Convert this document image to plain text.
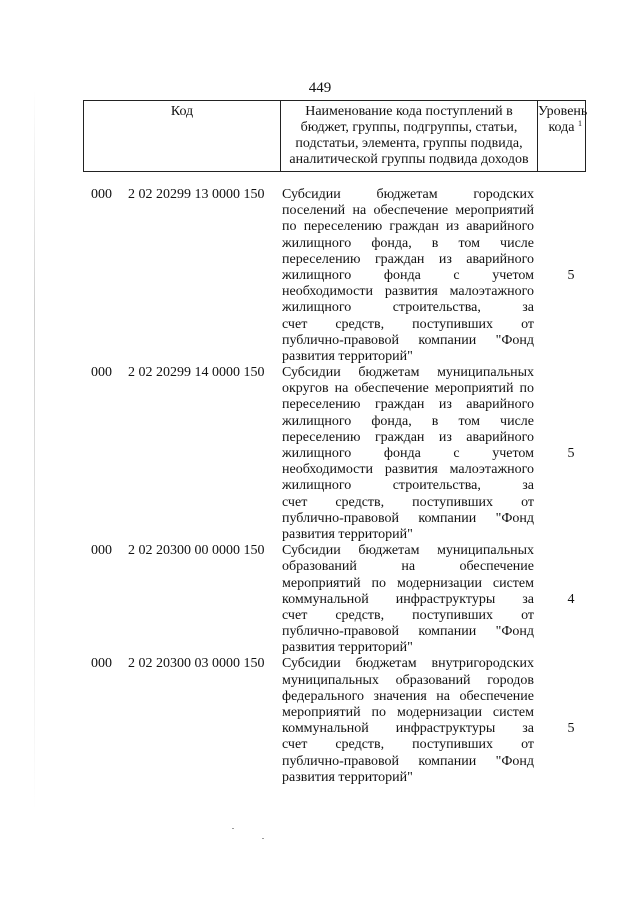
449
Код	Наименование кода поступлений в
бюджет, группы, подгруппы, статьи,
подстатьи, элемента, группы подвида,
аналитической группы подвида доходов
Уровень
кода $^1$
000 2 02 20299 13 0000 150 Субсидии бюджетам городских
поселений на обеспечение мероприятий
по переселению граждан из аварийного
жилищного фонда, в том числе
переселению граждан из аварийного
жилищного фонда с учетом
необходимости развития малоэтажного
жилищного строительства, за
счет средств, поступивших от
публично-правовой компании "Фонд
развития территорий"
5
000 2 02 20299 14 0000 150 Субсидии бюджетам муниципальных
округов на обеспечение мероприятий по
переселению граждан из аварийного
жилищного фонда, в том числе
переселению граждан из аварийного
жилищного фонда с учетом
необходимости развития малоэтажного
жилищного строительства, за
счет средств, поступивших от
публично-правовой компании "Фонд
развития территорий"
5
000 2 02 20300 00 0000 150 Субсидии бюджетам муниципальных
образований на обеспечение
мероприятий по модернизации систем
коммунальной инфраструктуры за
счет средств, поступивших от
публично-правовой компании "Фонд
развития территорий"
4
000 2 02 20300 03 0000 150 Субсидии бюджетам внутригородских
муниципальных образований городов
федерального значения на обеспечение
мероприятий по модернизации систем
коммунальной инфраструктуры за
счет средств, поступивших от
публично-правовой компании "Фонд
развития территорий"
5
